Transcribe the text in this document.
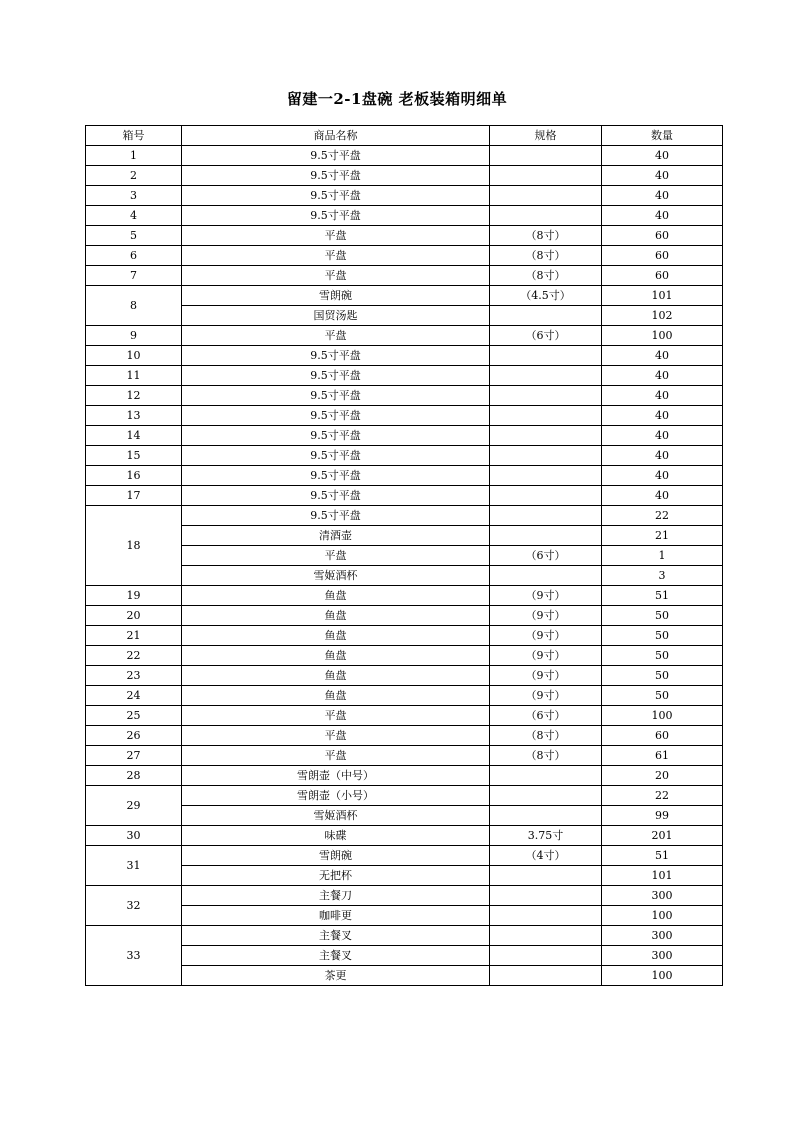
留建一2-1盘碗 老板装箱明细单
箱号	商品名称	规格	数量
1	9.5寸平盘		40
2	9.5寸平盘		40
3	9.5寸平盘		40
4	9.5寸平盘		40
5	平盘	（8寸）	60
6	平盘	（8寸）	60
7	平盘	（8寸）	60
8	雪朗碗	（4.5寸）	101
	国贸汤匙		102
9	平盘	（6寸）	100
10	9.5寸平盘		40
11	9.5寸平盘		40
12	9.5寸平盘		40
13	9.5寸平盘		40
14	9.5寸平盘		40
15	9.5寸平盘		40
16	9.5寸平盘		40
17	9.5寸平盘		40
18	9.5寸平盘		22
	清酒壶		21
	平盘	（6寸）	1
	雪姬酒杯		3
19	鱼盘	（9寸）	51
20	鱼盘	（9寸）	50
21	鱼盘	（9寸）	50
22	鱼盘	（9寸）	50
23	鱼盘	（9寸）	50
24	鱼盘	（9寸）	50
25	平盘	（6寸）	100
26	平盘	（8寸）	60
27	平盘	（8寸）	61
28	雪朗壶（中号）		20
29	雪朗壶（小号）		22
	雪姬酒杯		99
30	味碟	3.75寸	201
31	雪朗碗	（4寸）	51
	无把杯		101
32	主餐刀		300
	咖啡更		100
33	主餐叉		300
	主餐叉		300
	茶更		100
